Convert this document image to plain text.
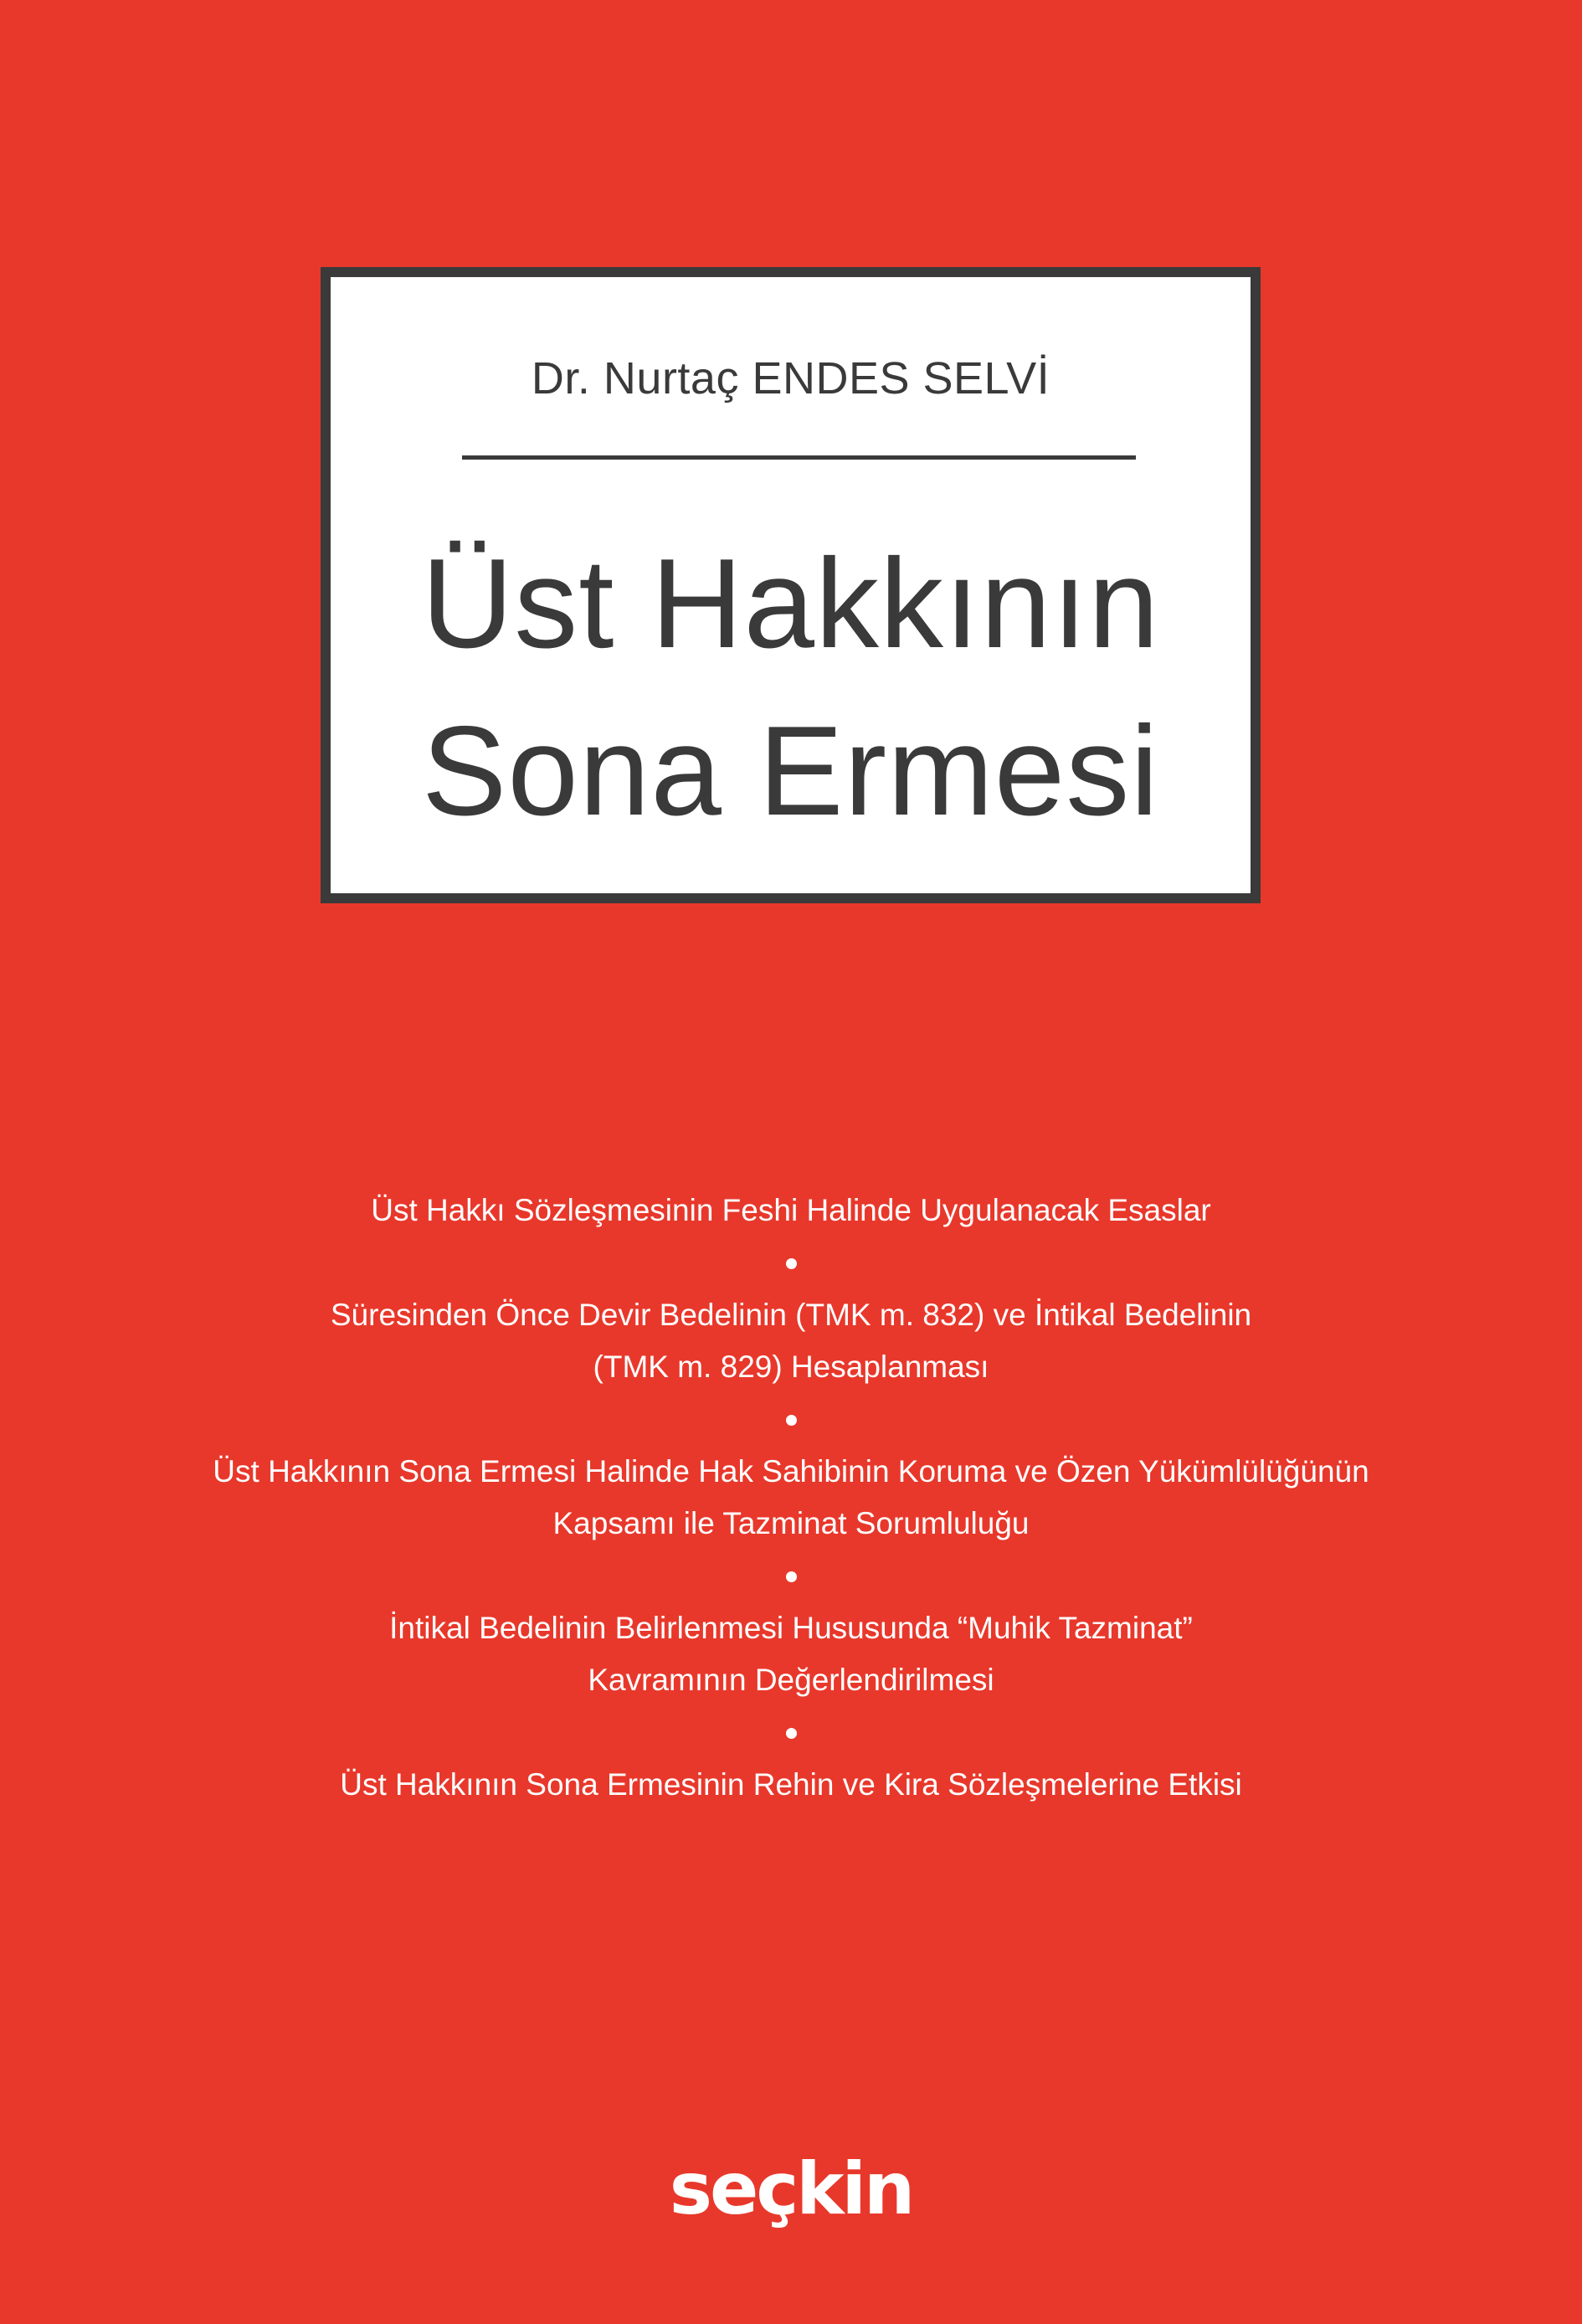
Dr. Nurtaç ENDES SELVİ
Üst Hakkının
Sona Ermesi
Üst Hakkı Sözleşmesinin Feshi Halinde Uygulanacak Esaslar
Süresinden Önce Devir Bedelinin (TMK m. 832) ve İntikal Bedelinin
(TMK m. 829) Hesaplanması
Üst Hakkının Sona Ermesi Halinde Hak Sahibinin Koruma ve Özen Yükümlülüğünün
Kapsamı ile Tazminat Sorumluluğu
İntikal Bedelinin Belirlenmesi Hususunda “Muhik Tazminat”
Kavramının Değerlendirilmesi
Üst Hakkının Sona Ermesinin Rehin ve Kira Sözleşmelerine Etkisi
seçkin
